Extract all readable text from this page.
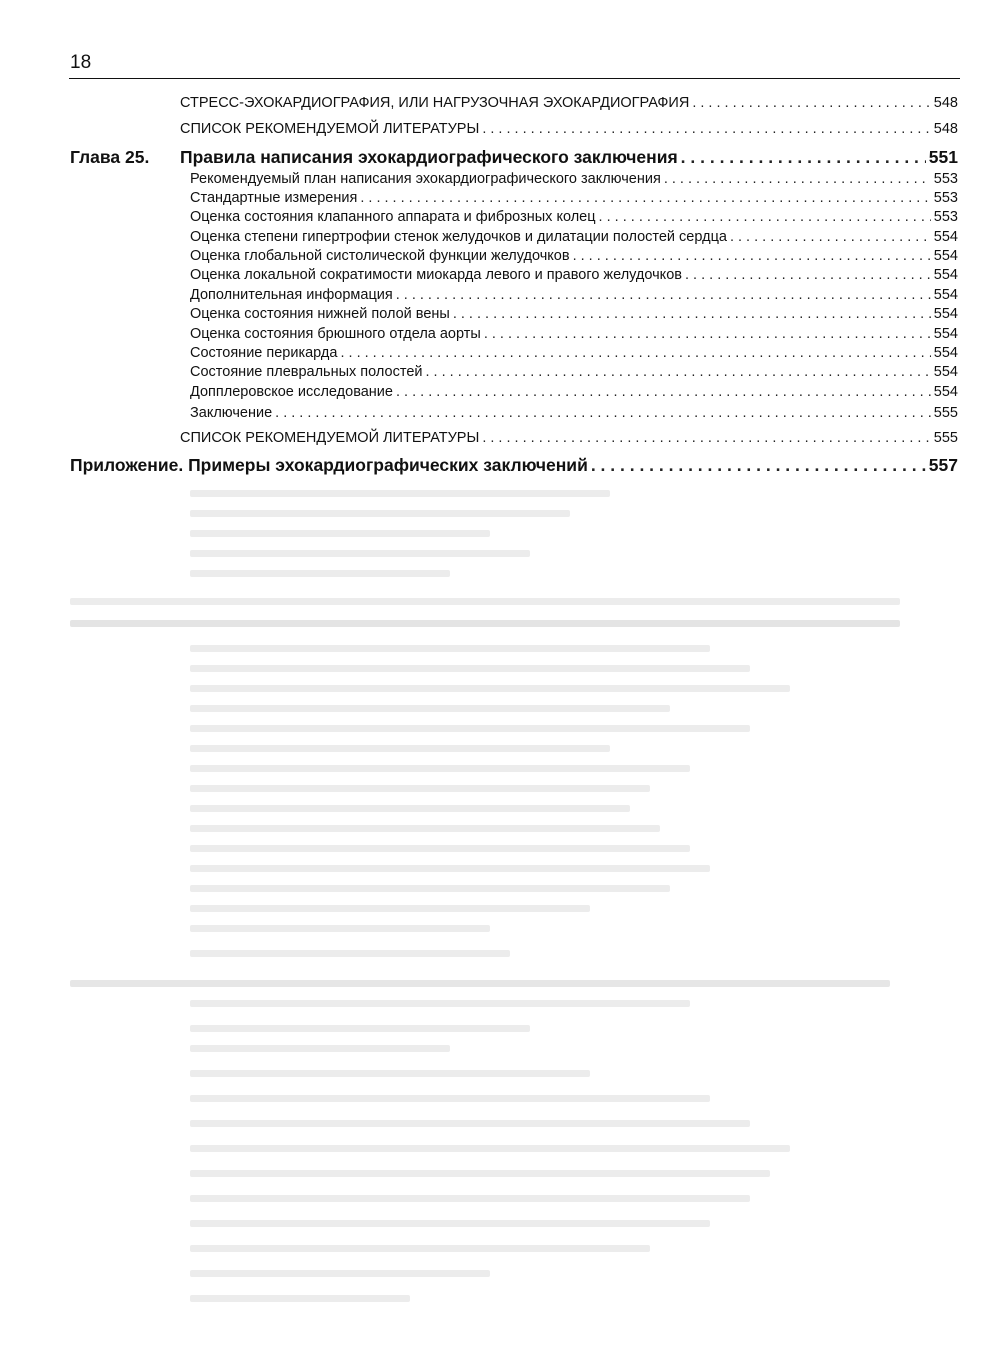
18
СТРЕСС-ЭХОКАРДИОГРАФИЯ, ИЛИ НАГРУЗОЧНАЯ ЭХОКАРДИОГРАФИЯ . . .	548
СПИСОК РЕКОМЕНДУЕМОЙ ЛИТЕРАТУРЫ . . .	548
Глава 25. Правила написания эхокардиографического заключения . . .	551
Рекомендуемый план написания эхокардиографического заключения . . .	553
Стандартные измерения . . .	553
Оценка состояния клапанного аппарата и фиброзных колец . . .	553
Оценка степени гипертрофии стенок желудочков и дилатации полостей сердца . . .	554
Оценка глобальной систолической функции желудочков . . .	554
Оценка локальной сократимости миокарда левого и правого желудочков . . .	554
Дополнительная информация . . .	554
Оценка состояния нижней полой вены . . .	554
Оценка состояния брюшного отдела аорты . . .	554
Состояние перикарда . . .	554
Состояние плевральных полостей . . .	554
Допплеровское исследование . . .	554
Заключение . . .	555
СПИСОК РЕКОМЕНДУЕМОЙ ЛИТЕРАТУРЫ . . .	555
Приложение. Примеры эхокардиографических заключений . . .	557
